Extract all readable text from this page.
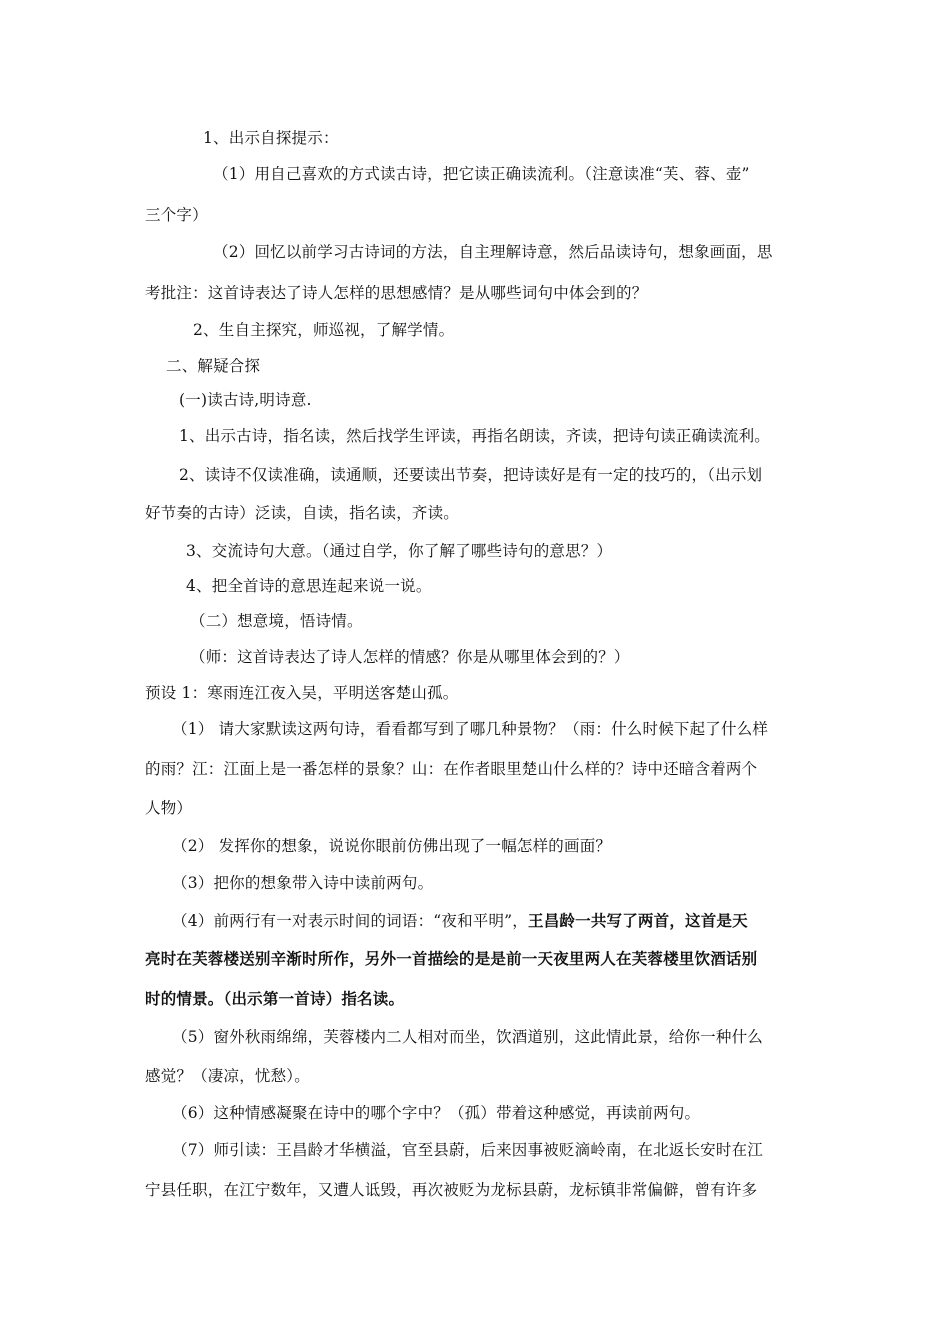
1、出示自探提示：
（1）用自己喜欢的方式读古诗，把它读正确读流利。（注意读准“芙、蓉、壶”
三个字）
（2）回忆以前学习古诗词的方法，自主理解诗意，然后品读诗句，想象画面，思
考批注：这首诗表达了诗人怎样的思想感情？是从哪些词句中体会到的？
2、生自主探究，师巡视，了解学情。
二、解疑合探
(一)读古诗,明诗意.
1、出示古诗，指名读，然后找学生评读，再指名朗读，齐读，把诗句读正确读流利。
2、读诗不仅读准确，读通顺，还要读出节奏，把诗读好是有一定的技巧的，（出示划
好节奏的古诗）泛读，自读，指名读，齐读。
3、交流诗句大意。（通过自学，你了解了哪些诗句的意思？）
4、把全首诗的意思连起来说一说。
（二）想意境，悟诗情。
（师：这首诗表达了诗人怎样的情感？你是从哪里体会到的？）
预设 1：寒雨连江夜入吴，平明送客楚山孤。
（1） 请大家默读这两句诗，看看都写到了哪几种景物？（雨：什么时候下起了什么样
的雨？江：江面上是一番怎样的景象？山：在作者眼里楚山什么样的？诗中还暗含着两个
人物）
（2） 发挥你的想象，说说你眼前仿佛出现了一幅怎样的画面？
（3）把你的想象带入诗中读前两句。
（4）前两行有一对表示时间的词语：“夜和平明”，王昌龄一共写了两首，这首是天
亮时在芙蓉楼送别辛渐时所作，另外一首描绘的是是前一天夜里两人在芙蓉楼里饮酒话别
时的情景。（出示第一首诗）指名读。
（5）窗外秋雨绵绵，芙蓉楼内二人相对而坐，饮酒道别，这此情此景，给你一种什么
感觉？（凄凉，忧愁）。
（6）这种情感凝聚在诗中的哪个字中？（孤）带着这种感觉，再读前两句。
（7）师引读：王昌龄才华横溢，官至县蔚，后来因事被贬滴岭南，在北返长安时在江
宁县任职，在江宁数年，又遭人诋毁，再次被贬为龙标县蔚，龙标镇非常偏僻，曾有许多
